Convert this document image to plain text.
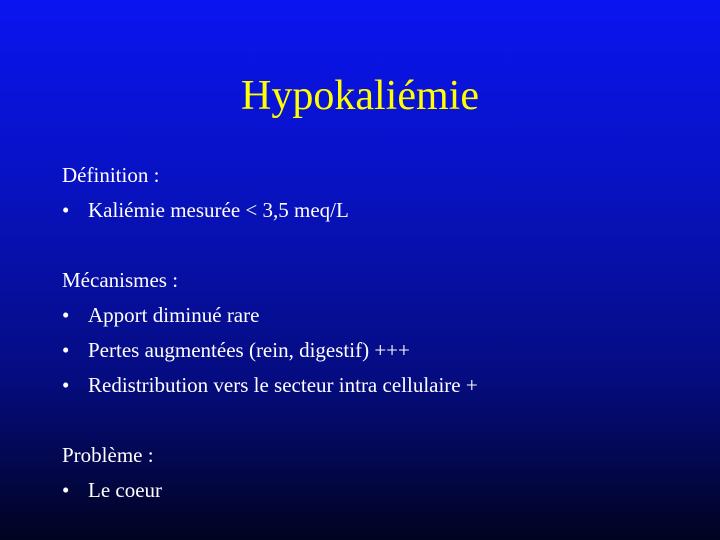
Hypokaliémie

Définition :

• Kaliémie mesurée < 3,5 meq/L

Mécanismes :

• Apport diminué rare
• Pertes augmentées (rein, digestif) +++
• Redistribution vers le secteur intra cellulaire +

Problème :

• Le coeur
